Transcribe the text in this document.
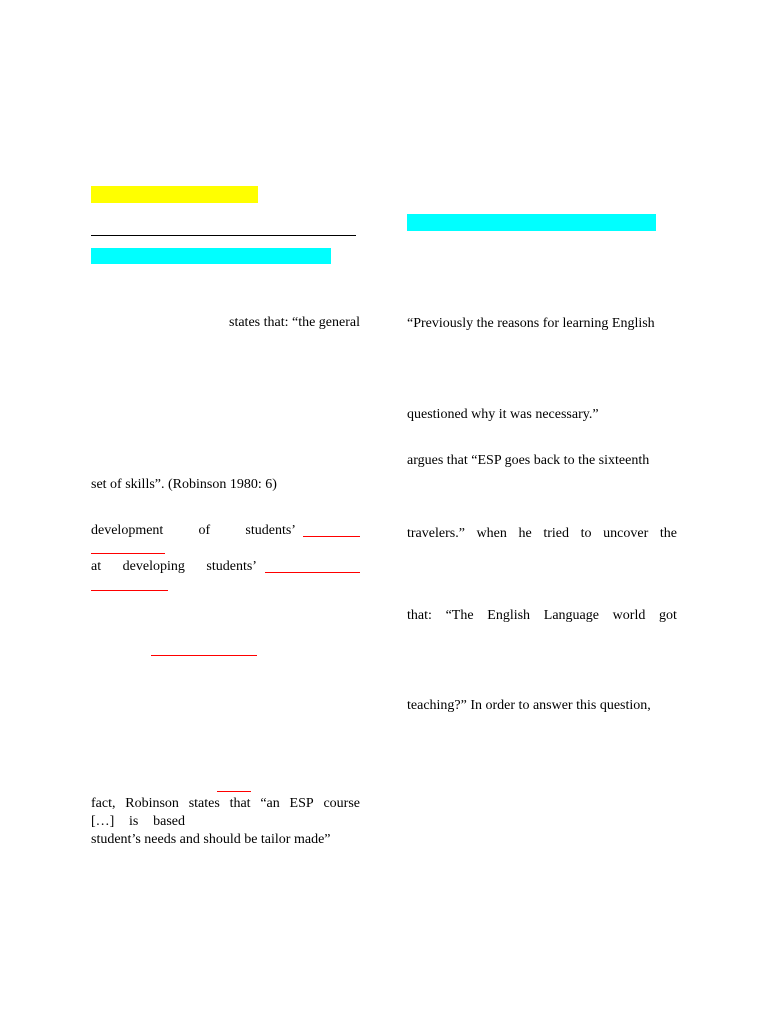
states that: “the general
set of skills”. (Robinson 1980: 6)
development	of	students’
at developing students’
fact, Robinson states that “an ESP course
[…] is based
student’s needs and should be tailor made”
“Previously the reasons for learning English
questioned why it was necessary.”
argues that “ESP goes back to the sixteenth
travelers.” when he tried to uncover the
that: “The English Language world got
teaching?” In order to answer this question,
